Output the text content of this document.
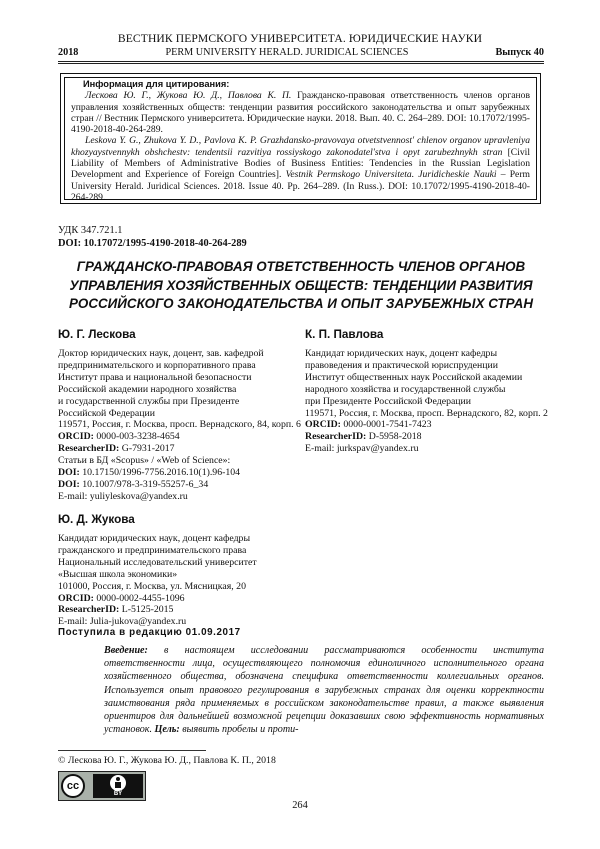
ВЕСТНИК ПЕРМСКОГО УНИВЕРСИТЕТА. ЮРИДИЧЕСКИЕ НАУКИ
2018	PERM UNIVERSITY HERALD. JURIDICAL SCIENCES	Выпуск 40
Информация для цитирования:

Лескова Ю. Г., Жукова Ю. Д., Павлова К. П. Гражданско-правовая ответственность членов органов управления хозяйственных обществ: тенденции развития российского законодательства и опыт зарубежных стран // Вестник Пермского университета. Юридические науки. 2018. Вып. 40. С. 264–289. DOI: 10.17072/1995-4190-2018-40-264-289.

Leskova Y. G., Zhukova Y. D., Pavlova K. P. Grazhdansko-pravovaya otvetstvennost' chlenov organov upravleniya khozyaystvennykh obshchestv: tendentsii razvitiya rossiyskogo zakonodatel'stva i opyt zarubezhnykh stran [Civil Liability of Members of Administrative Bodies of Business Entities: Tendencies in the Russian Legislation Development and Experience of Foreign Countries]. Vestnik Permskogo Universiteta. Juridicheskie Nauki – Perm University Herald. Juridical Sciences. 2018. Issue 40. Pp. 264–289. (In Russ.). DOI: 10.17072/1995-4190-2018-40-264-289.

УДК 347.721.1
DOI: 10.17072/1995-4190-2018-40-264-289
ГРАЖДАНСКО-ПРАВОВАЯ ОТВЕТСТВЕННОСТЬ ЧЛЕНОВ ОРГАНОВ УПРАВЛЕНИЯ ХОЗЯЙСТВЕННЫХ ОБЩЕСТВ: ТЕНДЕНЦИИ РАЗВИТИЯ РОССИЙСКОГО ЗАКОНОДАТЕЛЬСТВА И ОПЫТ ЗАРУБЕЖНЫХ СТРАН
Ю. Г. Лескова
Доктор юридических наук, доцент, зав. кафедрой
предпринимательского и корпоративного права
Институт права и национальной безопасности
Российской академии народного хозяйства
и государственной службы при Президенте
Российской Федерации
119571, Россия, г. Москва, просп. Вернадского, 84, корп. 6
ORCID: 0000-003-3238-4654
ResearcherID: G-7931-2017
Статьи в БД «Scopus» / «Web of Science»:
DOI: 10.17150/1996-7756.2016.10(1).96-104
DOI: 10.1007/978-3-319-55257-6_34
E-mail: yuliyleskova@yandex.ru
К. П. Павлова
Кандидат юридических наук, доцент кафедры
правоведения и практической юриспруденции
Институт общественных наук Российской академии
народного хозяйства и государственной службы
при Президенте Российской Федерации
119571, Россия, г. Москва, просп. Вернадского, 82, корп. 2
ORCID: 0000-0001-7541-7423
ResearcherID: D-5958-2018
E-mail: jurkspav@yandex.ru
Ю. Д. Жукова
Кандидат юридических наук, доцент кафедры
гражданского и предпринимательского права
Национальный исследовательский университет
«Высшая школа экономики»
101000, Россия, г. Москва, ул. Мясницкая, 20
ORCID: 0000-0002-4455-1096
ResearcherID: L-5125-2015
E-mail: Julia-jukova@yandex.ru
Поступила в редакцию 01.09.2017
Введение: в настоящем исследовании рассматриваются особенности института ответственности лица, осуществляющего полномочия единоличного исполнительного органа хозяйственного общества, обозначена специфика ответственности коллегиальных органов. Используется опыт правового регулирования в зарубежных странах для оценки корректности заимствования ряда применяемых в российском законодательстве правил, а также выявления ориентиров для дальнейшей возможной рецепции доказавших свою эффективность нормативных установок. Цель: выявить пробелы и проти-
© Лескова Ю. Г., Жукова Ю. Д., Павлова К. П., 2018
cc
BY
264
